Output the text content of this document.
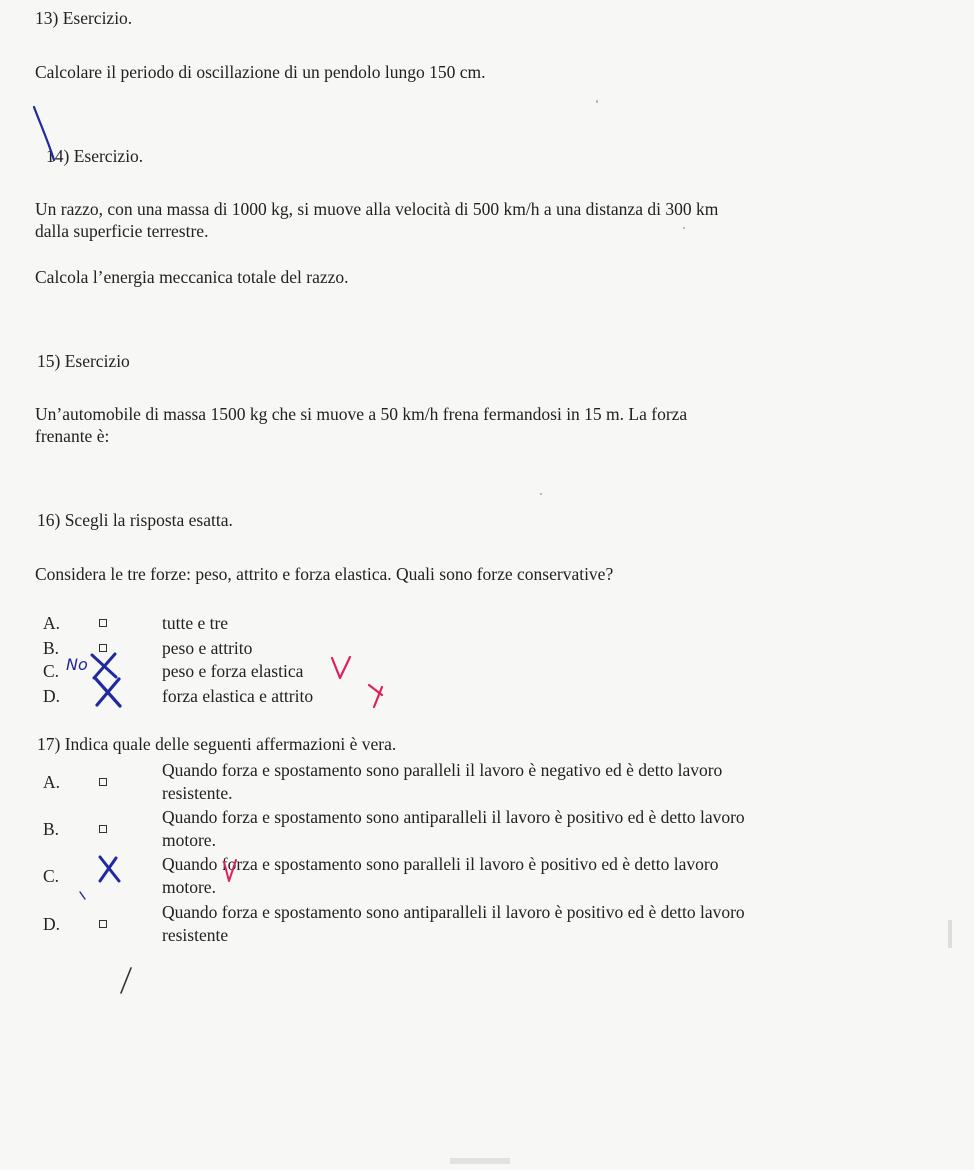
13) Esercizio.
Calcolare il periodo di oscillazione di un pendolo lungo 150 cm.
14) Esercizio.
Un razzo, con una massa di 1000 kg, si muove alla velocità di 500 km/h a una distanza di 300 km
dalla superficie terrestre.
Calcola l’energia meccanica totale del razzo.
15) Esercizio
Un’automobile di massa 1500 kg che si muove a 50 km/h frena fermandosi in 15 m. La forza
frenante è:
16) Scegli la risposta esatta.
Considera le tre forze: peso, attrito e forza elastica. Quali sono forze conservative?
A.	tutte e tre
B.	peso e attrito
C. No	peso e forza elastica
D.	forza elastica e attrito
17) Indica quale delle seguenti affermazioni è vera.
A.
Quando forza e spostamento sono paralleli il lavoro è negativo ed è detto lavoro
resistente.
B.
Quando forza e spostamento sono antiparalleli il lavoro è positivo ed è detto lavoro
motore.
C.
Quando forza e spostamento sono paralleli il lavoro è positivo ed è detto lavoro
motore.
D.
Quando forza e spostamento sono antiparalleli il lavoro è positivo ed è detto lavoro
resistente
